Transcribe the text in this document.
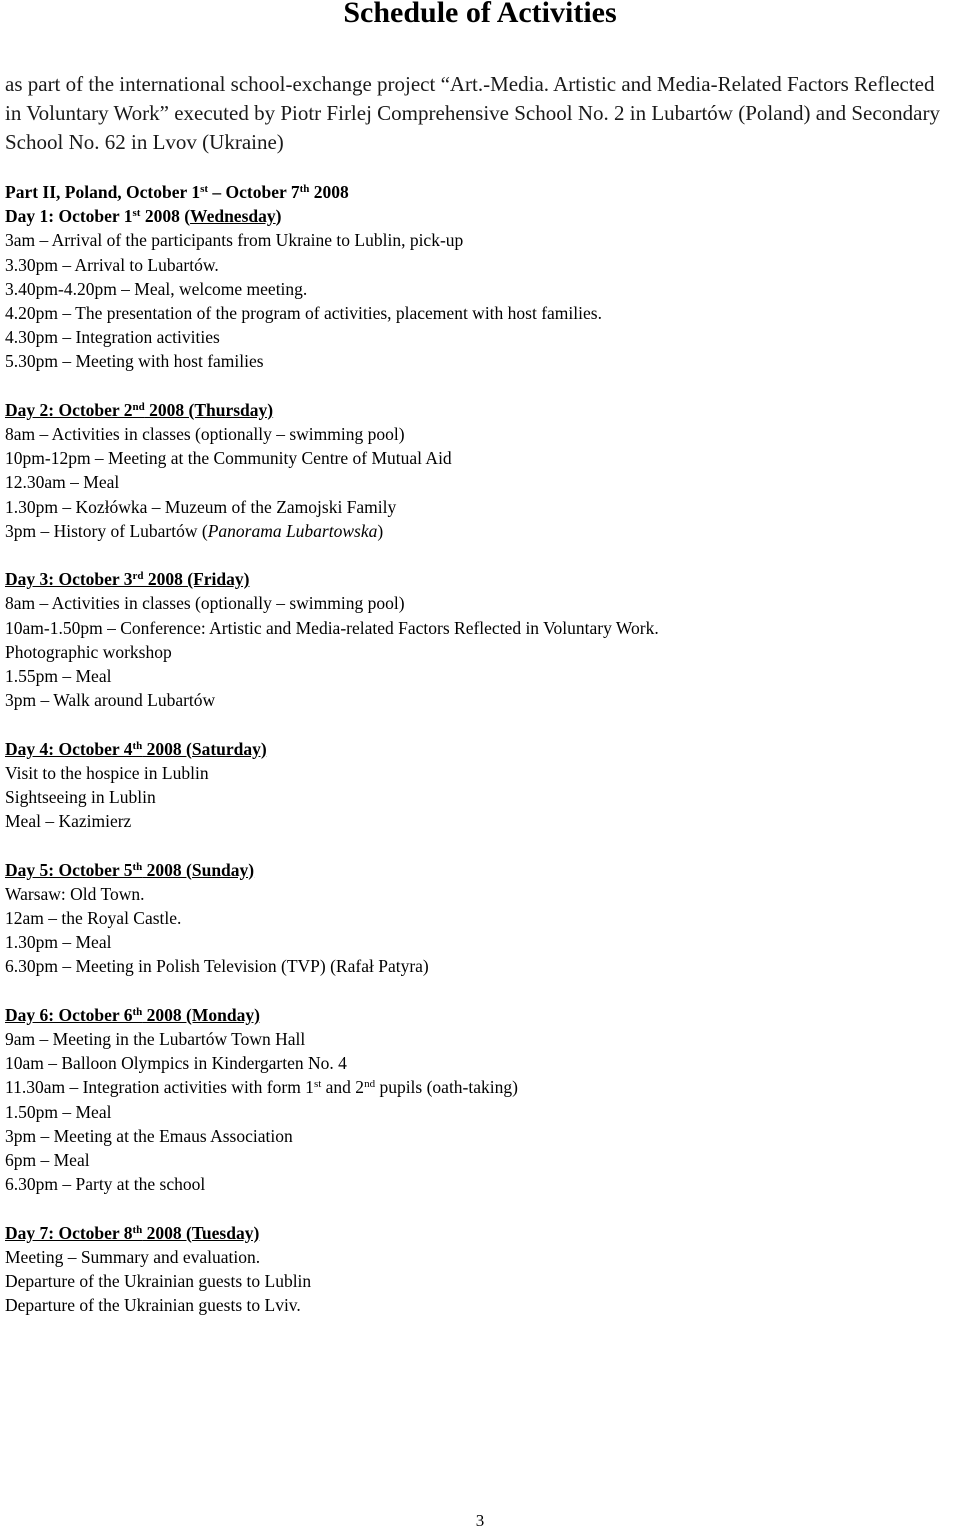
Schedule of Activities
as part of the international school-exchange project “Art.-Media. Artistic and Media-Related Factors Reflected in Voluntary Work” executed by Piotr Firlej Comprehensive School No. 2 in Lubartów (Poland) and Secondary School No. 62 in Lvov (Ukraine)
Part II, Poland, October 1st – October 7th 2008
Day 1: October 1st 2008 (Wednesday)
3am – Arrival of the participants from Ukraine to Lublin, pick-up
3.30pm – Arrival to Lubartów.
3.40pm-4.20pm – Meal, welcome meeting.
4.20pm – The presentation of the program of activities, placement with host families.
4.30pm – Integration activities
5.30pm – Meeting with host families
Day 2: October 2nd 2008 (Thursday)
8am – Activities in classes (optionally – swimming pool)
10pm-12pm – Meeting at the Community Centre of Mutual Aid
12.30am – Meal
1.30pm – Kozłówka – Muzeum of the Zamojski Family
3pm – History of Lubartów (Panorama Lubartowska)
Day 3: October 3rd 2008 (Friday)
8am – Activities in classes (optionally – swimming pool)
10am-1.50pm – Conference: Artistic and Media-related Factors Reflected in Voluntary Work.
Photographic workshop
1.55pm – Meal
3pm – Walk around Lubartów
Day 4: October 4th 2008 (Saturday)
Visit to the hospice in Lublin
Sightseeing in Lublin
Meal – Kazimierz
Day 5: October 5th 2008 (Sunday)
Warsaw: Old Town.
12am – the Royal Castle.
1.30pm – Meal
6.30pm – Meeting in Polish Television (TVP) (Rafał Patyra)
Day 6: October 6th 2008 (Monday)
9am – Meeting in the Lubartów Town Hall
10am – Balloon Olympics in Kindergarten No. 4
11.30am – Integration activities with form 1st and 2nd pupils (oath-taking)
1.50pm – Meal
3pm – Meeting at the Emaus Association
6pm – Meal
6.30pm – Party at the school
Day 7: October 8th 2008 (Tuesday)
Meeting – Summary and evaluation.
Departure of the Ukrainian guests to Lublin
Departure of the Ukrainian guests to Lviv.
3
